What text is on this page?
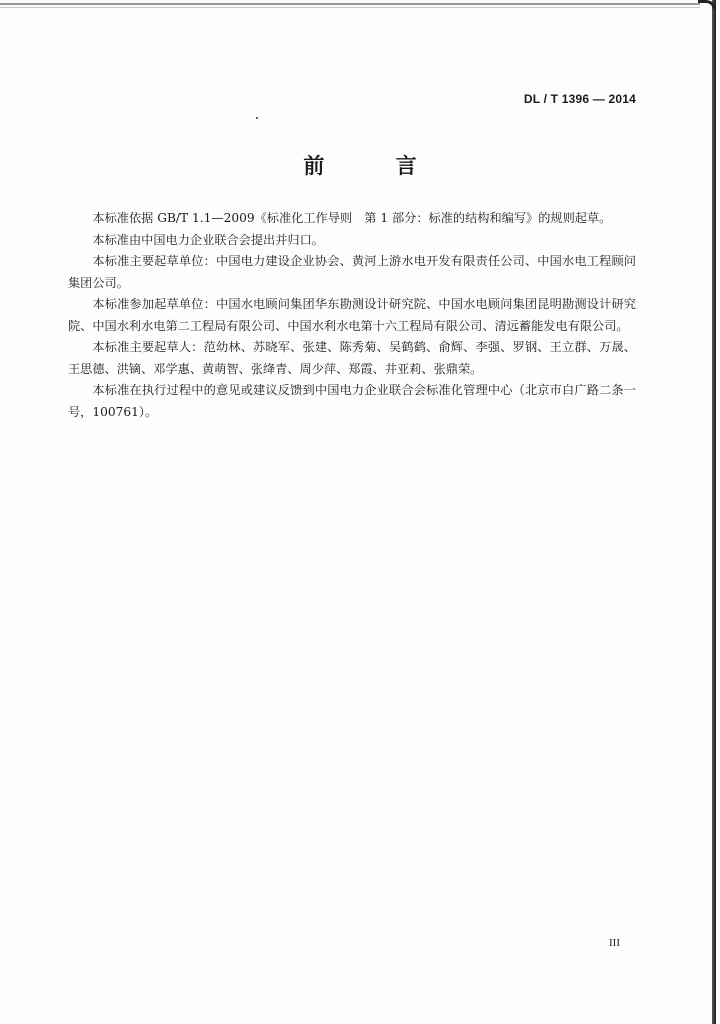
DL / T 1396 — 2014
前 言

本标准依据 GB/T 1.1—2009《标准化工作导则　第 1 部分：标准的结构和编写》的规则起草。

本标准由中国电力企业联合会提出并归口。

本标准主要起草单位：中国电力建设企业协会、黄河上游水电开发有限责任公司、中国水电工程顾问集团公司。

本标准参加起草单位：中国水电顾问集团华东勘测设计研究院、中国水电顾问集团昆明勘测设计研究院、中国水利水电第二工程局有限公司、中国水利水电第十六工程局有限公司、清远蓄能发电有限公司。

本标准主要起草人：范幼林、苏晓军、张建、陈秀菊、吴鹤鹤、俞辉、李强、罗钢、王立群、万晟、王思德、洪镝、邓学惠、黄萌智、张绛青、周少萍、郑霞、井亚莉、张鼎荣。

本标准在执行过程中的意见或建议反馈到中国电力企业联合会标准化管理中心（北京市白广路二条一号，100761）。

III
